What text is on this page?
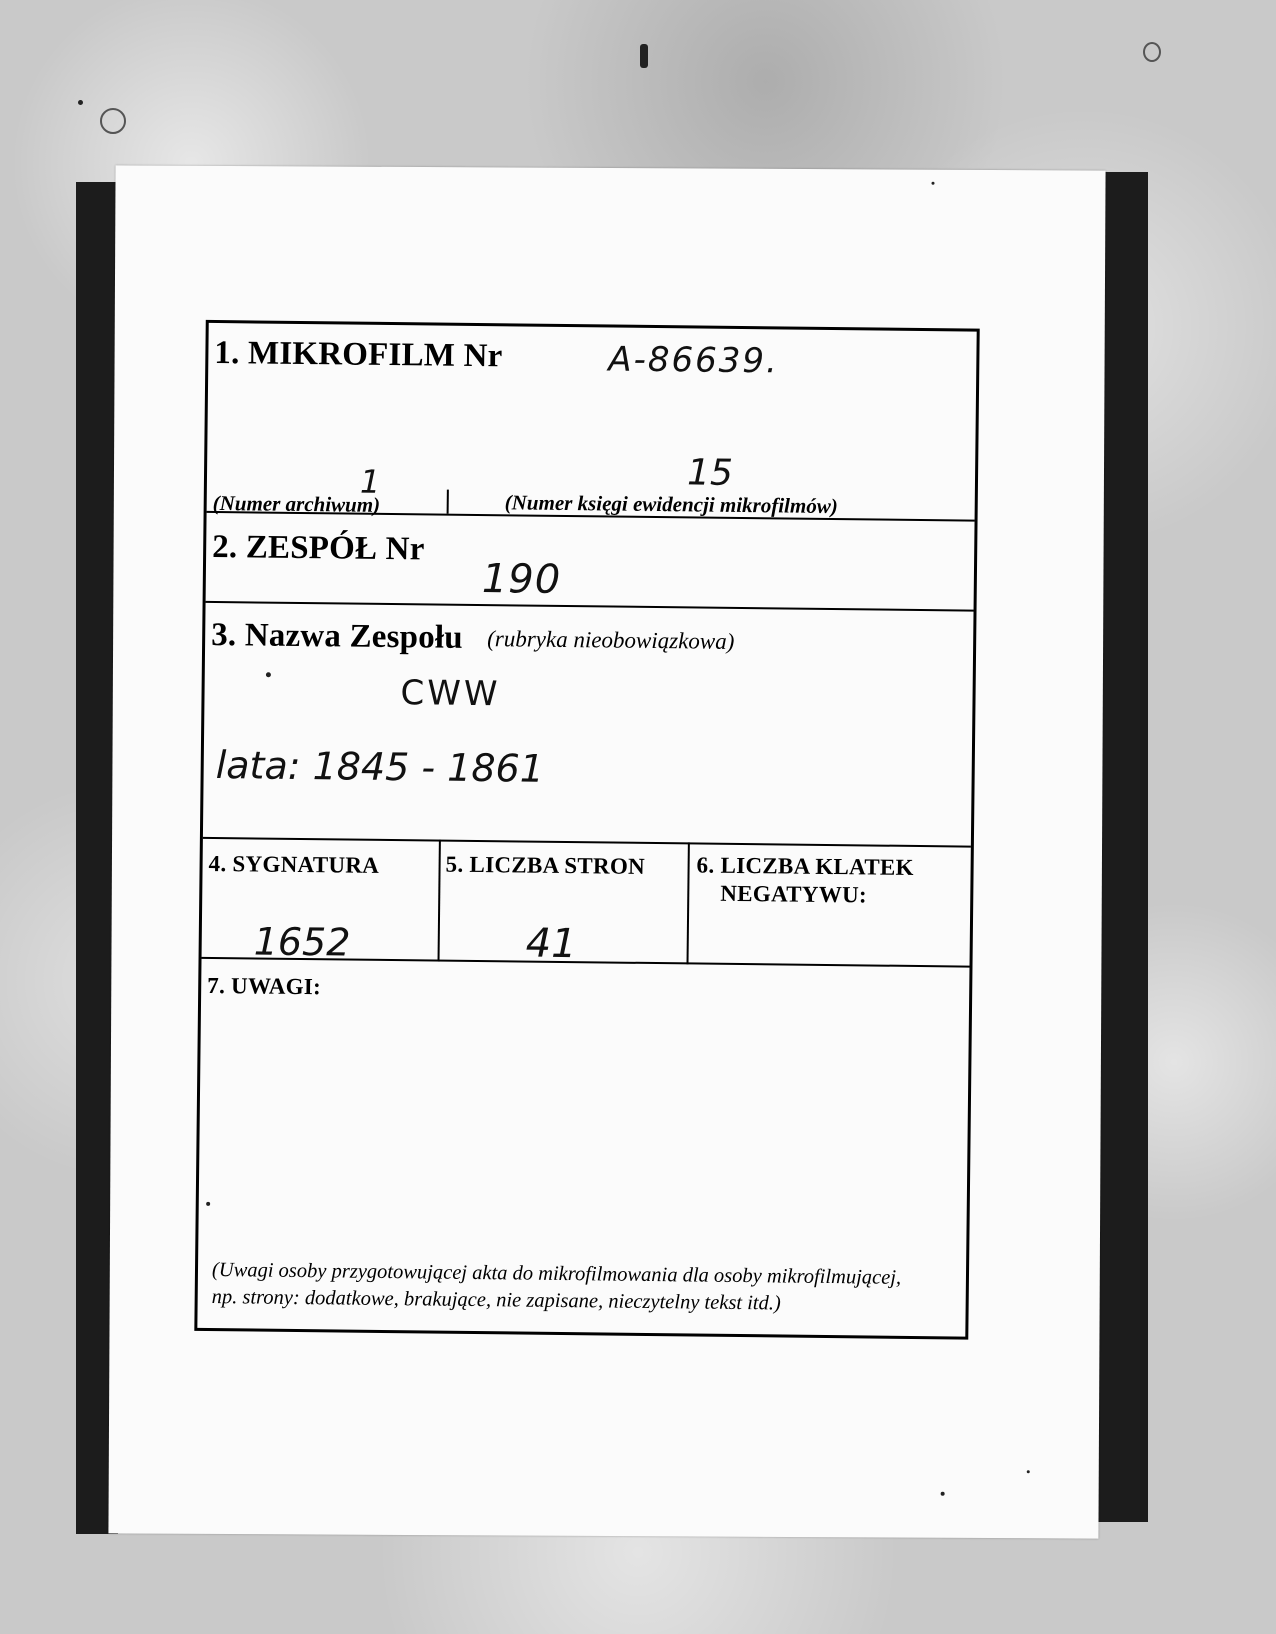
1. MIKROFILM Nr	A-86639.
1	15
(Numer archiwum)	(Numer księgi ewidencji mikrofilmów)
2. ZESPÓŁ Nr
190
3. Nazwa Zespołu (rubryka nieobowiązkowa)
CWW
lata: 1845 - 1861
4. SYGNATURA
1652
5. LICZBA STRON
41
6. LICZBA KLATEK
NEGATYWU:
7. UWAGI:
(Uwagi osoby przygotowującej akta do mikrofilmowania dla osoby mikrofilmującej,
np. strony: dodatkowe, brakujące, nie zapisane, nieczytelny tekst itd.)
